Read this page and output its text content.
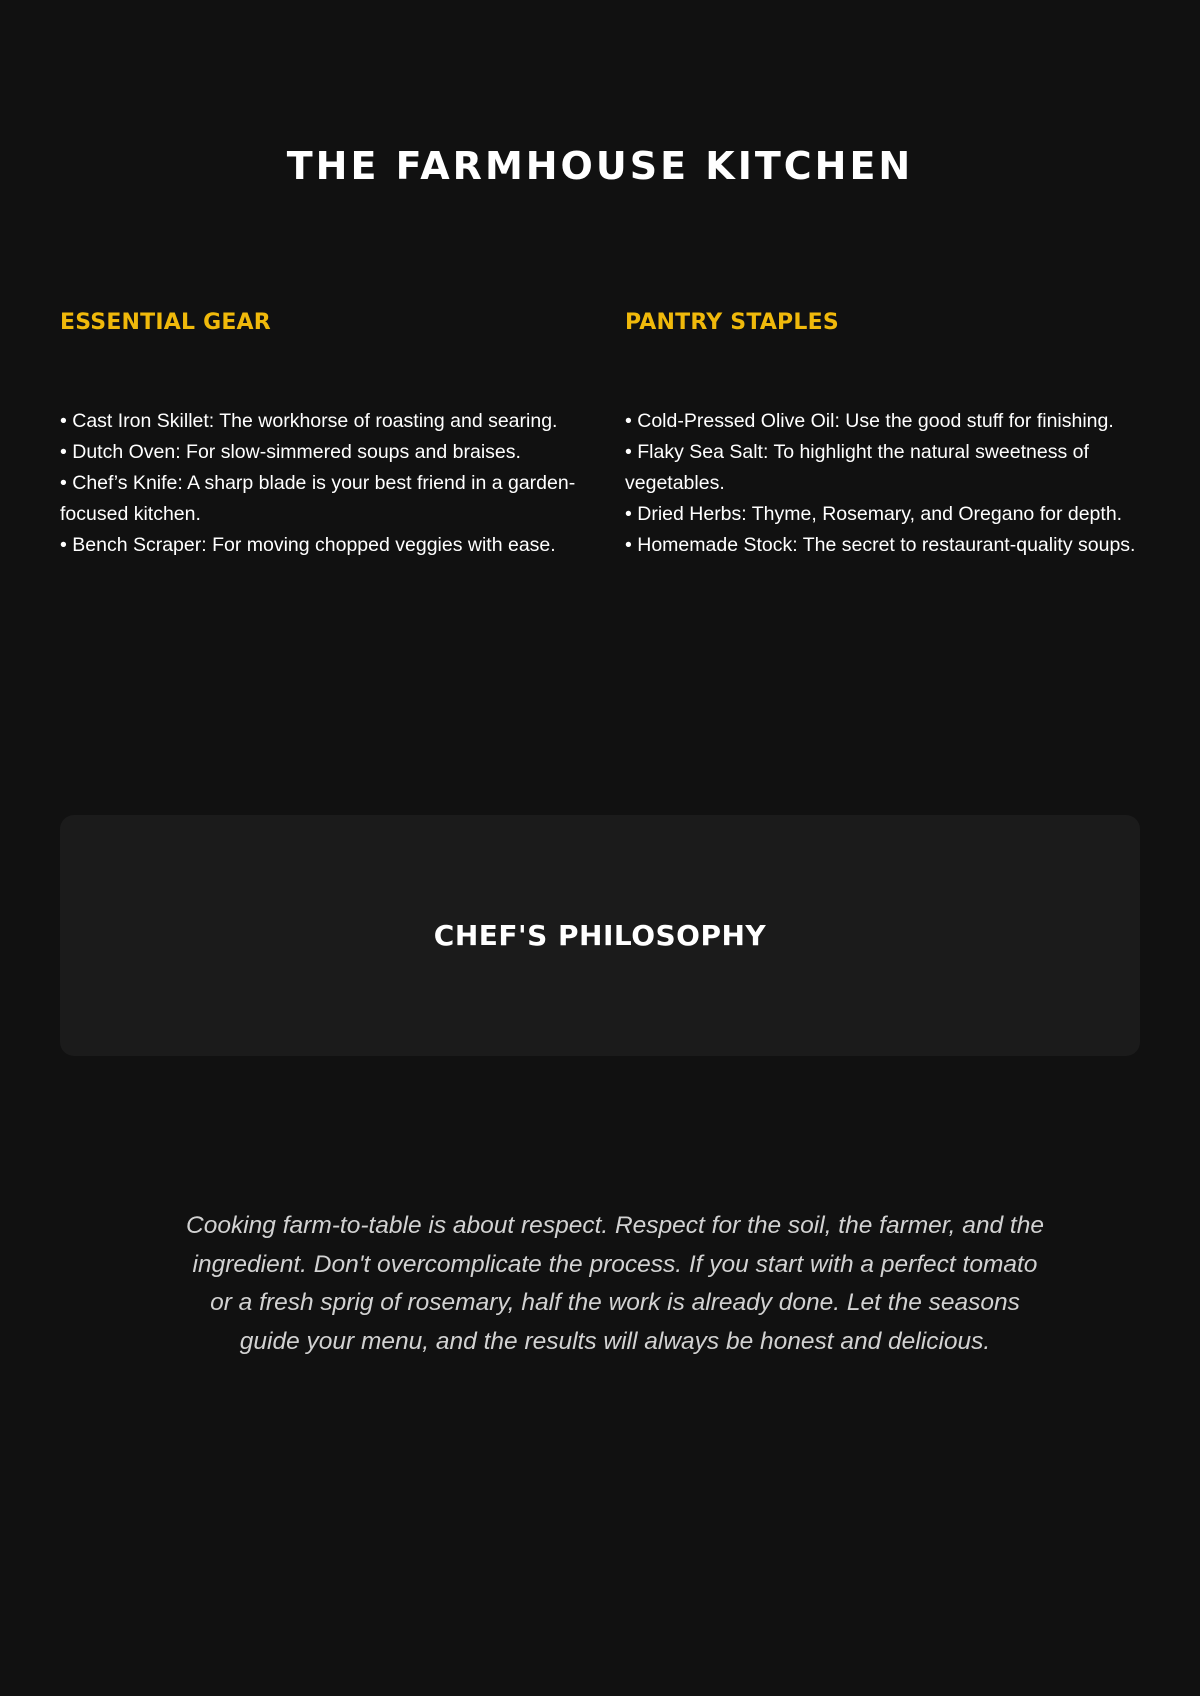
THE FARMHOUSE KITCHEN
ESSENTIAL GEAR
• Cast Iron Skillet: The workhorse of roasting and searing.
• Dutch Oven: For slow-simmered soups and braises.
• Chef’s Knife: A sharp blade is your best friend in a garden-focused kitchen.
• Bench Scraper: For moving chopped veggies with ease.
PANTRY STAPLES
• Cold-Pressed Olive Oil: Use the good stuff for finishing.
• Flaky Sea Salt: To highlight the natural sweetness of vegetables.
• Dried Herbs: Thyme, Rosemary, and Oregano for depth.
• Homemade Stock: The secret to restaurant-quality soups.
CHEF'S PHILOSOPHY

Cooking farm-to-table is about respect. Respect for the soil, the farmer, and the ingredient. Don't overcomplicate the process. If you start with a perfect tomato or a fresh sprig of rosemary, half the work is already done. Let the seasons guide your menu, and the results will always be honest and delicious.
